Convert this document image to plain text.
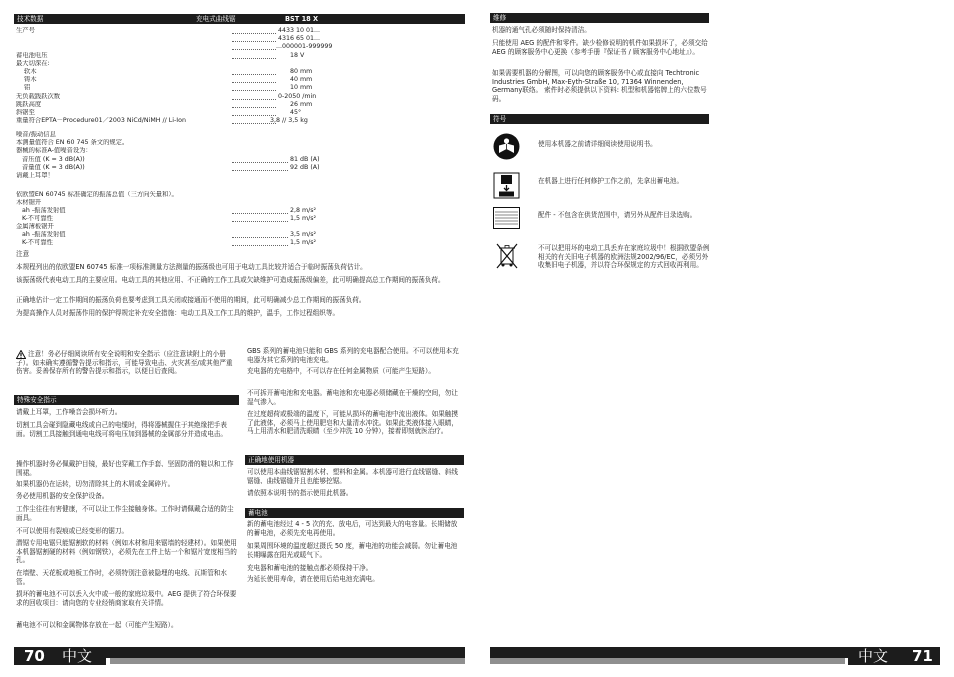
技术数据	充电式曲线锯	BST 18 X
生产号	4433 10 01...
4316 65 01...
...000001-999999
蓄电池电压	18 V
最大切深在:
软木	80 mm
铸木	40 mm
铝	10 mm
无负载践跃次数	0-2050 /min
跳跃高度	26 mm
斜锯至	45°
重量符合EPTA－Procedure01／2003 NiCd/NiMH // Li-Ion	3,8 // 3,5 kg
噪音/振动信息
本测量值符合 EN 60 745 条文的规定。
器械的标准A-值噪音设为：
音压值 (K = 3 dB(A))	81 dB (A)
音量值 (K = 3 dB(A))	92 dB (A)
请戴上耳罩！
依欧盟EN 60745 标准确定的振荡总值（三方向矢量和）。
木材锯开
ah -振荡发射值	2,8 m/s²
K-不可靠性	1,5 m/s²
金属薄板锯开
ah -振荡发射值	3,5 m/s²
K-不可靠性	1,5 m/s²
注意
本规程列出的依欧盟EN 60745 标准一项标准测量方法测量的振荡级也可用于电动工具比较并适合于临时振荡负荷估计。
该振荡级代表电动工具的主要应用。电动工具的其他应用、不正确的工作工具或欠缺维护可造成振荡级偏差，此可明确提高总工作期间的振荡负荷。
正确地估计一定工作期间的振荡负荷也要考虑到工具关闭或接通而不使用的期间，此可明确减少总工作期间的振荡负荷。
为提高操作人员对振荡作用的保护得规定补充安全措施：电动工具及工作工具的维护，温手，工作过程组织等。
注意！务必仔细阅读所有安全说明和安全指示（应注意读附上的小册子）。如未确实遵循警告提示和指示，可能导致电击、火灾甚至/或其他严重伤害。妥善保存所有的警告提示和指示，以便日后查阅。
特殊安全指示
请戴上耳罩，工作噪音会损坏听力。
切割工具会碰到隐藏电线或自己的电缆时，得将器械握住于其绝缘把手表面。切割工具接触到通电电线可将电压加到器械的金属部分并造成电击。
操作机器时务必佩戴护目镜，最好也穿戴工作手套、坚固防滑的鞋以和工作围裙。
如果机器仍在运转，切勿清除其上的木屑或金属碎片。
务必使用机器的安全保护设备。
工作尘往往有害健康，不可以让工作尘接触身体。工作时请佩戴合适的防尘面具。
不可以使用有裂痕或已经变形的锯刀。
潜锯专用电锯只能锯割软的材料（例如木材和用来锯墙的轻建材）。如果使用本机器锯割硬的材料（例如钢铁），必须先在工件上钻一个和锯片宽度相当的孔。
在墙壁、天花板或地板工作时，必须特别注意被隐埋的电线、瓦斯管和水管。
损坏的蓄电池不可以丢入火中或一般的家庭垃圾中。AEG 提供了符合环保要求的回收项目：请向您的专业经销商家取有关详情。
蓄电池不可以和金属物体存放在一起（可能产生短路）。
GBS 系列的蓄电池只能和 GBS 系列的充电器配合使用。不可以使用本充电器为其它系列的电池充电。
充电器的充电格中，不可以存在任何金属物质（可能产生短路）。
不可拆开蓄电池和充电器。蓄电池和充电器必须储藏在干燥的空间，勿让湿气渗入。
在过度超荷或极端的温度下，可能从损坏的蓄电池中流出液体。如果触摸了此液体，必须马上使用肥皂和大量清水冲洗。如果此类液体接入眼睛，马上用清水和肥清洗眼睛（至少冲洗 10 分钟），接着即刻就医治疗。
正确地使用机器
可以使用本曲线锯锯割木材、塑料和金属。本机器可进行直线锯缝、斜线锯缝、曲线锯缝并且也能够挖锯。
请依照本说明书的指示使用此机器。
蓄电池
新的蓄电池经过 4 - 5 次的充、放电后，可达到最大的电容量。长期储放的蓄电池，必须先充电再使用。
如果周围环境的温度超过摄氏 50 度，蓄电池的功能会减弱。勿让蓄电池长期曝露在阳光或暖气下。
充电器和蓄电池的接触点都必须保持干净。
为延长使用寿命，请在使用后给电池充满电。
70 中文
维修
机器的通气孔必须随时保持清洁。
只能使用 AEG 的配件和零件。缺少检修说明的机件如果损坏了，必须交给 AEG 的顾客服务中心更换（参考手册『保证书 / 顾客服务中心地址』）。
如果需要机器的分解图，可以向您的顾客服务中心或直接向 Techtronic Industries GmbH, Max-Eyth-Straße 10, 71364 Winnenden, Germany联络。 索件时必须提供以下资料: 机型和机器铭牌上的六位数号码。
符号
使用本机器之前请详细阅读使用说明书。
在机器上进行任何修护工作之前，先拿出蓄电池。
配件 - 不包含在供货范围中，请另外从配件目录选购。
不可以把用坏的电动工具丢弃在家庭垃圾中！根据欧盟条例相关的有关旧电子机器的欧洲法规2002/96/EC，必须另外收集旧电子机器，并以符合环保规定的方式回收再利用。
中文 71
